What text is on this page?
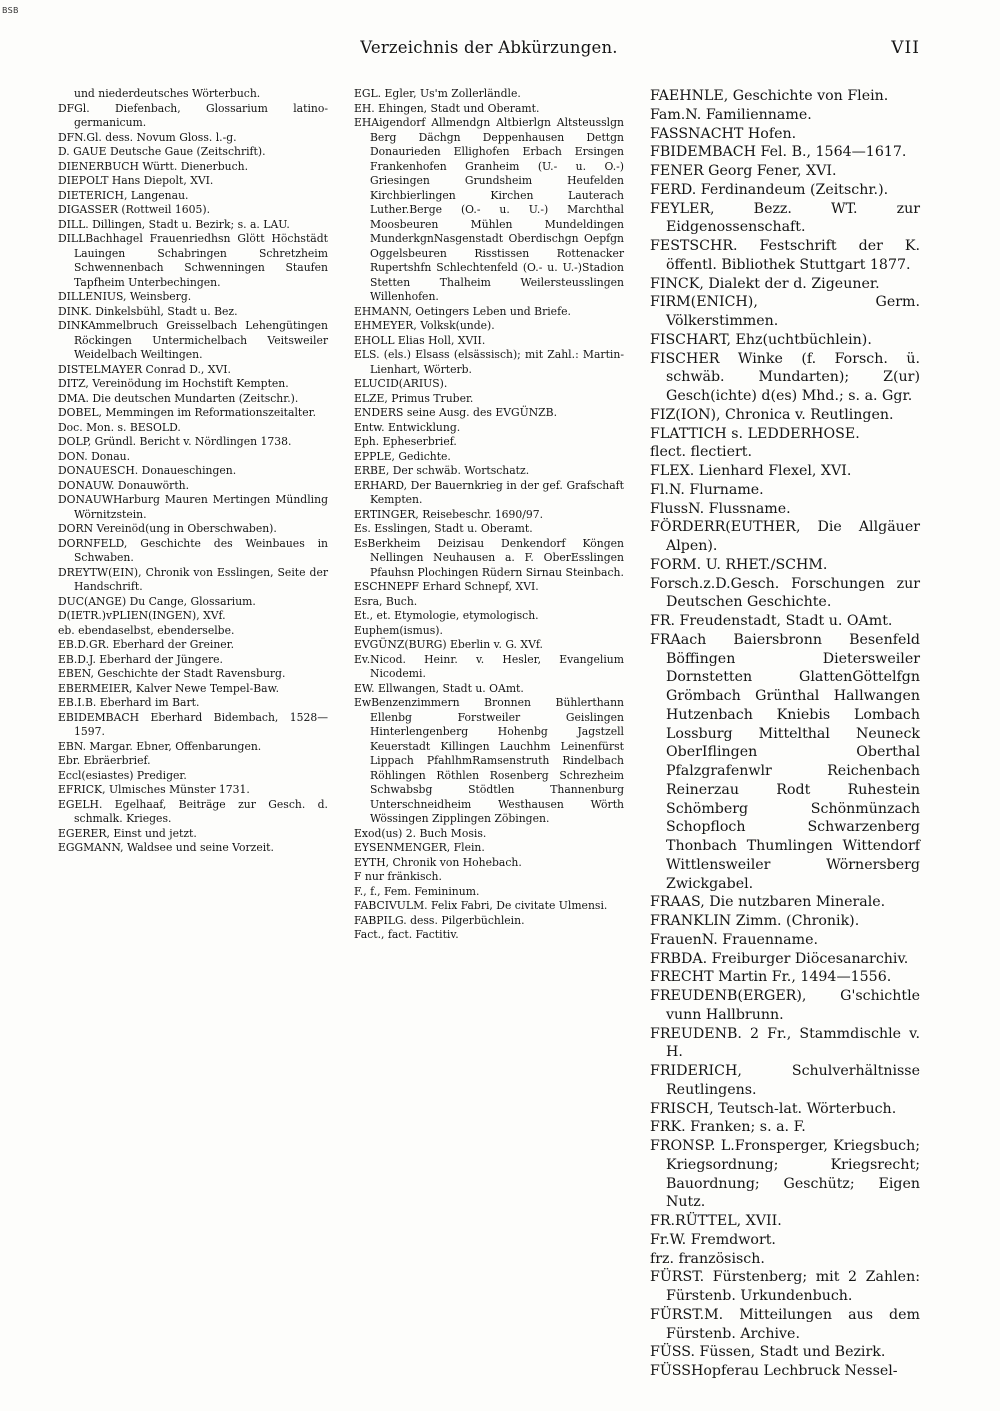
BSB
Verzeichnis der Abkürzungen.	VII

und niederdeutsches Wörterbuch.

DFGl. Diefenbach, Glossarium latino-germanicum.

DFN.Gl. dess. Novum Gloss. l.-g.

D. GAUE Deutsche Gaue (Zeitschrift).

DIENERBUCH Württ. Dienerbuch.

DIEPOLT Hans Diepolt, XVI.

DIETERICH, Langenau.

DIGASSER (Rottweil 1605).

DILL. Dillingen, Stadt u. Bezirk; s. a. LAU.

DILLBachhagel Frauenriedhsn Glött Höchstädt Lauingen Schabringen Schretzheim Schwennenbach Schwenningen Staufen Tapfheim Unterbechingen.

DILLENIUS, Weinsberg.

DINK. Dinkelsbühl, Stadt u. Bez.

DINKAmmelbruch Greisselbach Lehengütingen Röckingen Untermichelbach Veitsweiler Weidelbach Weiltingen.

DISTELMAYER Conrad D., XVI.

DITZ, Vereinödung im Hochstift Kempten.

DMA. Die deutschen Mundarten (Zeitschr.).

DOBEL, Memmingen im Reformationszeitalter.

Doc. Mon. s. BESOLD.

DOLP, Gründl. Bericht v. Nördlingen 1738.

DON. Donau.

DONAUESCH. Donaueschingen.

DONAUW. Donauwörth.

DONAUWHarburg Mauren Mertingen Mündling Wörnitzstein.

DORN Vereinöd(ung in Oberschwaben).

DORNFELD, Geschichte des Weinbaues in Schwaben.

DREYTW(EIN), Chronik von Esslingen, Seite der Handschrift.

DUC(ANGE) Du Cange, Glossarium.

D(IETR.)vPLIEN(INGEN), XVf.

eb. ebendaselbst, ebenderselbe.

EB.D.GR. Eberhard der Greiner.

EB.D.J. Eberhard der Jüngere.

EBEN, Geschichte der Stadt Ravensburg.

EBERMEIER, Kalver Newe Tempel-Baw.

EB.I.B. Eberhard im Bart.

EBIDEMBACH Eberhard Bidembach, 1528—1597.

EBN. Margar. Ebner, Offenbarungen.

Ebr. Ebräerbrief.

Eccl(esiastes) Prediger.

EFRICK, Ulmisches Münster 1731.

EGELH. Egelhaaf, Beiträge zur Gesch. d. schmalk. Krieges.

EGERER, Einst und jetzt.

EGGMANN, Waldsee und seine Vorzeit.

EGL. Egler, Us'm Zollerländle.

EH. Ehingen, Stadt und Oberamt.

EHAigendorf Allmendgn Altbierlgn Altsteusslgn Berg Dächgn Deppenhausen Dettgn Donaurieden Ellighofen Erbach Ersingen Frankenhofen Granheim (U.- u. O.-) Griesingen Grundsheim Heufelden Kirchbierlingen Kirchen Lauterach Luther.Berge (O.- u. U.-) Marchthal Moosbeuren Mühlen Mundeldingen MunderkgnNasgenstadt Oberdischgn Oepfgn Oggelsbeuren Risstissen Rottenacker Rupertshfn Schlechtenfeld (O.- u. U.-)Stadion Stetten Thalheim Weilersteusslingen Willenhofen.

EHMANN, Oetingers Leben und Briefe.

EHMEYER, Volksk(unde).

EHOLL Elias Holl, XVII.

ELS. (els.) Elsass (elsässisch); mit Zahl.: Martin-Lienhart, Wörterb.

ELUCID(ARIUS).

ELZE, Primus Truber.

ENDERS seine Ausg. des EVGÜNZB.

Entw. Entwicklung.

Eph. Epheserbrief.

EPPLE, Gedichte.

ERBE, Der schwäb. Wortschatz.

ERHARD, Der Bauernkrieg in der gef. Grafschaft Kempten.

ERTINGER, Reisebeschr. 1690/97.

Es. Esslingen, Stadt u. Oberamt.

EsBerkheim Deizisau Denkendorf Köngen Nellingen Neuhausen a. F. OberEsslingen Pfauhsn Plochingen Rüdern Sirnau Steinbach.

ESCHNEPF Erhard Schnepf, XVI.

Esra, Buch.

Et., et. Etymologie, etymologisch.

Euphem(ismus).

EVGÜNZ(BURG) Eberlin v. G. XVf.

Ev.Nicod. Heinr. v. Hesler, Evangelium Nicodemi.

EW. Ellwangen, Stadt u. OAmt.

EwBenzenzimmern Bronnen Bühlerthann Ellenbg Forstweiler Geislingen Hinterlengenberg Hohenbg Jagstzell Keuerstadt Killingen Lauchhm Leinenfürst Lippach PfahlhmRamsenstruth Rindelbach Röhlingen Röthlen Rosenberg Schrezheim Schwabsbg Stödtlen Thannenburg Unterschneidheim Westhausen Wörth Wössingen Zipplingen Zöbingen.

Exod(us) 2. Buch Mosis.

EYSENMENGER, Flein.

EYTH, Chronik von Hohebach.

F nur fränkisch.

F., f., Fem. Femininum.

FABCIVULM. Felix Fabri, De civitate Ulmensi.

FABPILG. dess. Pilgerbüchlein.

Fact., fact. Factitiv.

FAEHNLE, Geschichte von Flein.

Fam.N. Familienname.

FASSNACHT Hofen.

FBIDEMBACH Fel. B., 1564—1617.

FENER Georg Fener, XVI.

FERD. Ferdinandeum (Zeitschr.).

FEYLER, Bezz. WT. zur Eidgenossenschaft.

FESTSCHR. Festschrift der K. öffentl. Bibliothek Stuttgart 1877.

FINCK, Dialekt der d. Zigeuner.

FIRM(ENICH), Germ. Völkerstimmen.

FISCHART, Ehz(uchtbüchlein).

FISCHER Winke (f. Forsch. ü. schwäb. Mundarten); Z(ur) Gesch(ichte) d(es) Mhd.; s. a. Ggr.

FIZ(ION), Chronica v. Reutlingen.

FLATTICH s. LEDDERHOSE.

flect. flectiert.

FLEX. Lienhard Flexel, XVI.

Fl.N. Flurname.

FlussN. Flussname.

FÖRDERR(EUTHER, Die Allgäuer Alpen).

FORM. U. RHET./SCHM.

Forsch.z.D.Gesch. Forschungen zur Deutschen Geschichte.

FR. Freudenstadt, Stadt u. OAmt.

FRAach Baiersbronn Besenfeld Böffingen Dietersweiler Dornstetten GlattenGöttelfgn Grömbach Grünthal Hallwangen Hutzenbach Kniebis Lombach Lossburg Mittelthal Neuneck OberIflingen Oberthal Pfalzgrafenwlr Reichenbach Reinerzau Rodt Ruhestein Schömberg Schönmünzach Schopfloch Schwarzenberg Thonbach Thumlingen Wittendorf Wittlensweiler Wörnersberg Zwickgabel.

FRAAS, Die nutzbaren Minerale.

FRANKLIN Zimm. (Chronik).

FrauenN. Frauenname.

FRBDA. Freiburger Diöcesanarchiv.

FRECHT Martin Fr., 1494—1556.

FREUDENB(ERGER), G'schichtle vunn Hallbrunn.

FREUDENB. 2 Fr., Stammdischle v. H.

FRIDERICH, Schulverhältnisse Reutlingens.

FRISCH, Teutsch-lat. Wörterbuch.

FRK. Franken; s. a. F.

FRONSP. L.Fronsperger, Kriegsbuch; Kriegsordnung; Kriegsrecht; Bauordnung; Geschütz; Eigen Nutz.

FR.RÜTTEL, XVII.

Fr.W. Fremdwort.

frz. französisch.

FÜRST. Fürstenberg; mit 2 Zahlen: Fürstenb. Urkundenbuch.

FÜRST.M. Mitteilungen aus dem Fürstenb. Archive.

FÜSS. Füssen, Stadt und Bezirk.

FÜSSHopferau Lechbruck Nessel-
